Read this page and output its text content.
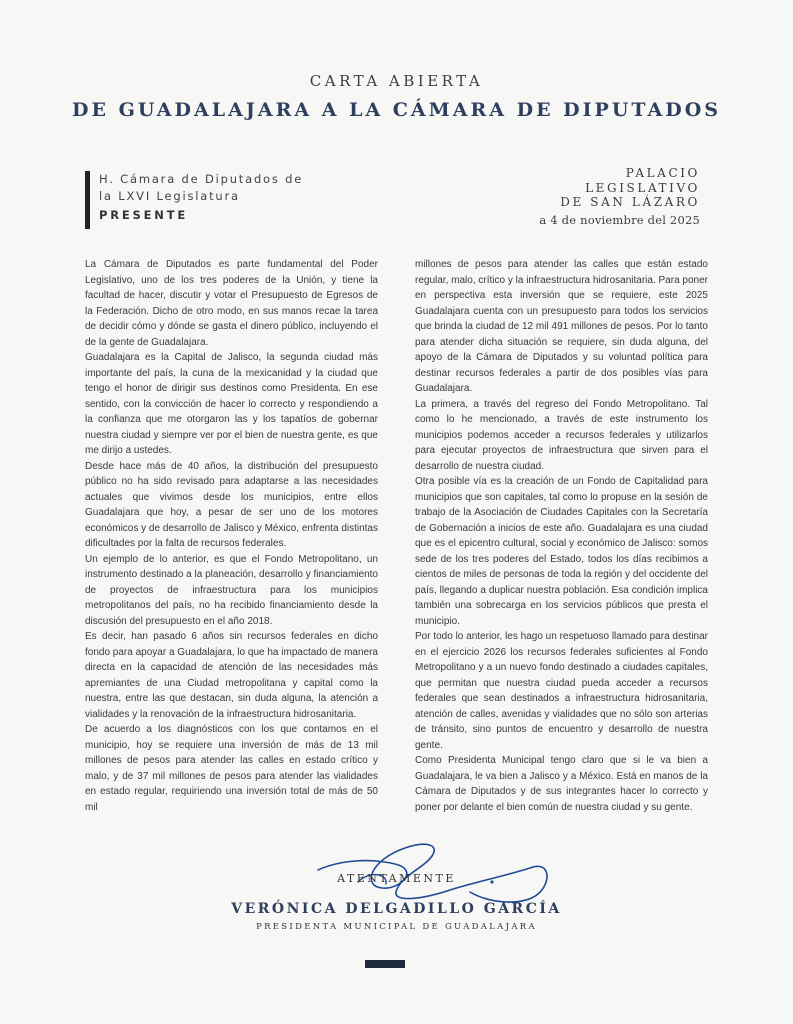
CARTA ABIERTA
DE GUADALAJARA A LA CÁMARA DE DIPUTADOS
H. Cámara de Diputados de
la LXVI Legislatura
PRESENTE
PALACIO
LEGISLATIVO
DE SAN LÁZARO
a 4 de noviembre del 2025

La Cámara de Diputados es parte fundamental del Poder Legislativo, uno de los tres poderes de la Unión, y tiene la facultad de hacer, discutir y votar el Presupuesto de Egresos de la Federación. Dicho de otro modo, en sus manos recae la tarea de decidir cómo y dónde se gasta el dinero público, incluyendo el de la gente de Guadalajara.

Guadalajara es la Capital de Jalisco, la segunda ciudad más importante del país, la cuna de la mexicanidad y la ciudad que tengo el honor de dirigir sus destinos como Presidenta. En ese sentido, con la convicción de hacer lo correcto y respondiendo a la confianza que me otorgaron las y los tapatíos de gobernar nuestra ciudad y siempre ver por el bien de nuestra gente, es que me dirijo a ustedes.

Desde hace más de 40 años, la distribución del presupuesto público no ha sido revisado para adaptarse a las necesidades actuales que vivimos desde los municipios, entre ellos Guadalajara que hoy, a pesar de ser uno de los motores económicos y de desarrollo de Jalisco y México, enfrenta distintas dificultades por la falta de recursos federales.

Un ejemplo de lo anterior, es que el Fondo Metropolitano, un instrumento destinado a la planeación, desarrollo y financiamiento de proyectos de infraestructura para los municipios metropolitanos del país, no ha recibido financiamiento desde la discusión del presupuesto en el año 2018.

Es decir, han pasado 6 años sin recursos federales en dicho fondo para apoyar a Guadalajara, lo que ha impactado de manera directa en la capacidad de atención de las necesidades más apremiantes de una Ciudad metropolitana y capital como la nuestra, entre las que destacan, sin duda alguna, la atención a vialidades y la renovación de la infraestructura hidrosanitaria.

De acuerdo a los diagnósticos con los que contamos en el municipio, hoy se requiere una inversión de más de 13 mil millones de pesos para atender las calles en estado crítico y malo, y de 37 mil millones de pesos para atender las vialidades en estado regular, requiriendo una inversión total de más de 50 mil

millones de pesos para atender las calles que están estado regular, malo, crítico y la infraestructura hidrosanitaria. Para poner en perspectiva esta inversión que se requiere, este 2025 Guadalajara cuenta con un presupuesto para todos los servicios que brinda la ciudad de 12 mil 491 millones de pesos. Por lo tanto para atender dicha situación se requiere, sin duda alguna, del apoyo de la Cámara de Diputados y su voluntad política para destinar recursos federales a partir de dos posibles vías para Guadalajara.

La primera, a través del regreso del Fondo Metropolitano. Tal como lo he mencionado, a través de este instrumento los municipios podemos acceder a recursos federales y utilizarlos para ejecutar proyectos de infraestructura que sirven para el desarrollo de nuestra ciudad.

Otra posible vía es la creación de un Fondo de Capitalidad para municipios que son capitales, tal como lo propuse en la sesión de trabajo de la Asociación de Ciudades Capitales con la Secretaría de Gobernación a inicios de este año. Guadalajara es una ciudad que es el epicentro cultural, social y económico de Jalisco: somos sede de los tres poderes del Estado, todos los días recibimos a cientos de miles de personas de toda la región y del occidente del país, llegando a duplicar nuestra población. Esa condición implica también una sobrecarga en los servicios públicos que presta el municipio.

Por todo lo anterior, les hago un respetuoso llamado para destinar en el ejercicio 2026 los recursos federales suficientes al Fondo Metropolitano y a un nuevo fondo destinado a ciudades capitales, que permitan que nuestra ciudad pueda acceder a recursos federales que sean destinados a infraestructura hidrosanitaria, atención de calles, avenidas y vialidades que no sólo son arterias de tránsito, sino puntos de encuentro y desarrollo de nuestra gente.

Como Presidenta Municipal tengo claro que si le va bien a Guadalajara, le va bien a Jalisco y a México. Está en manos de la Cámara de Diputados y de sus integrantes hacer lo correcto y poner por delante el bien común de nuestra ciudad y su gente.

ATENTAMENTE
VERÓNICA DELGADILLO GARCÍA
PRESIDENTA MUNICIPAL DE GUADALAJARA
